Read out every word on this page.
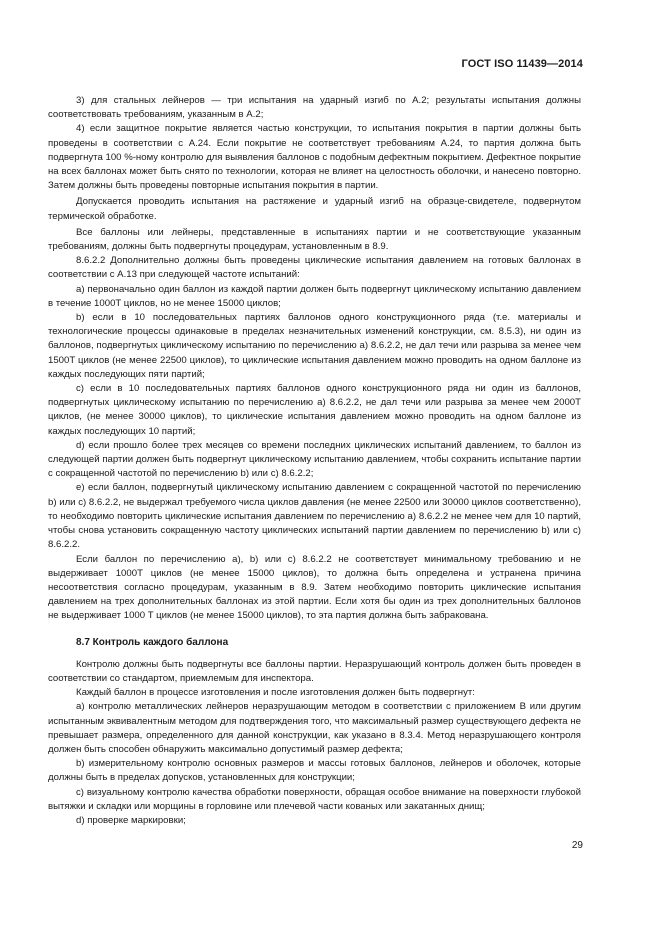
ГОСТ ISO 11439—2014

3) для стальных лейнеров — три испытания на ударный изгиб по А.2; результаты испытания должны соответствовать требованиям, указанным в А.2;

4) если защитное покрытие является частью конструкции, то испытания покрытия в партии должны быть проведены в соответствии с А.24. Если покрытие не соответствует требованиям А.24, то партия должна быть подвергнута 100 %-ному контролю для выявления баллонов с подобным дефектным покрытием. Дефектное покрытие на всех баллонах может быть снято по технологии, которая не влияет на целостность оболочки, и нанесено повторно. Затем должны быть проведены повторные испытания покрытия в партии.

Допускается проводить испытания на растяжение и ударный изгиб на образце-свидетеле, подвернутом термической обработке.

Все баллоны или лейнеры, представленные в испытаниях партии и не соответствующие указанным требованиям, должны быть подвергнуты процедурам, установленным в 8.9.

8.6.2.2 Дополнительно должны быть проведены циклические испытания давлением на готовых баллонах в соответствии с А.13 при следующей частоте испытаний:

a) первоначально один баллон из каждой партии должен быть подвергнут циклическому испытанию давлением в течение 1000T циклов, но не менее 15000 циклов;

b) если в 10 последовательных партиях баллонов одного конструкционного ряда (т.е. материалы и технологические процессы одинаковые в пределах незначительных изменений конструкции, см. 8.5.3), ни один из баллонов, подвергнутых циклическому испытанию по перечислению a) 8.6.2.2, не дал течи или разрыва за менее чем 1500T циклов (не менее 22500 циклов), то циклические испытания давлением можно проводить на одном баллоне из каждых последующих пяти партий;

c) если в 10 последовательных партиях баллонов одного конструкционного ряда ни один из баллонов, подвергнутых циклическому испытанию по перечислению a) 8.6.2.2, не дал течи или разрыва за менее чем 2000T циклов, (не менее 30000 циклов), то циклические испытания давлением можно проводить на одном баллоне из каждых последующих 10 партий;

d) если прошло более трех месяцев со времени последних циклических испытаний давлением, то баллон из следующей партии должен быть подвергнут циклическому испытанию давлением, чтобы сохранить испытание партии с сокращенной частотой по перечислению b) или c) 8.6.2.2;

e) если баллон, подвергнутый циклическому испытанию давлением с сокращенной частотой по перечислению b) или c) 8.6.2.2, не выдержал требуемого числа циклов давления (не менее 22500 или 30000 циклов соответственно), то необходимо повторить циклические испытания давлением по перечислению a) 8.6.2.2 не менее чем для 10 партий, чтобы снова установить сокращенную частоту циклических испытаний партии давлением по перечислению b) или c) 8.6.2.2.

Если баллон по перечислению a), b) или c) 8.6.2.2 не соответствует минимальному требованию и не выдерживает 1000T циклов (не менее 15000 циклов), то должна быть определена и устранена причина несоответствия согласно процедурам, указанным в 8.9. Затем необходимо повторить циклические испытания давлением на трех дополнительных баллонах из этой партии. Если хотя бы один из трех дополнительных баллонов не выдерживает 1000 T циклов (не менее 15000 циклов), то эта партия должна быть забракована.

8.7 Контроль каждого баллона

Контролю должны быть подвергнуты все баллоны партии. Неразрушающий контроль должен быть проведен в соответствии со стандартом, приемлемым для инспектора.

Каждый баллон в процессе изготовления и после изготовления должен быть подвергнут:

a) контролю металлических лейнеров неразрушающим методом в соответствии с приложением B или другим испытанным эквивалентным методом для подтверждения того, что максимальный размер существующего дефекта не превышает размера, определенного для данной конструкции, как указано в 8.3.4. Метод неразрушающего контроля должен быть способен обнаружить максимально допустимый размер дефекта;

b) измерительному контролю основных размеров и массы готовых баллонов, лейнеров и оболочек, которые должны быть в пределах допусков, установленных для конструкции;

c) визуальному контролю качества обработки поверхности, обращая особое внимание на поверхности глубокой вытяжки и складки или морщины в горловине или плечевой части кованых или закатанных днищ;

d) проверке маркировки;

29
